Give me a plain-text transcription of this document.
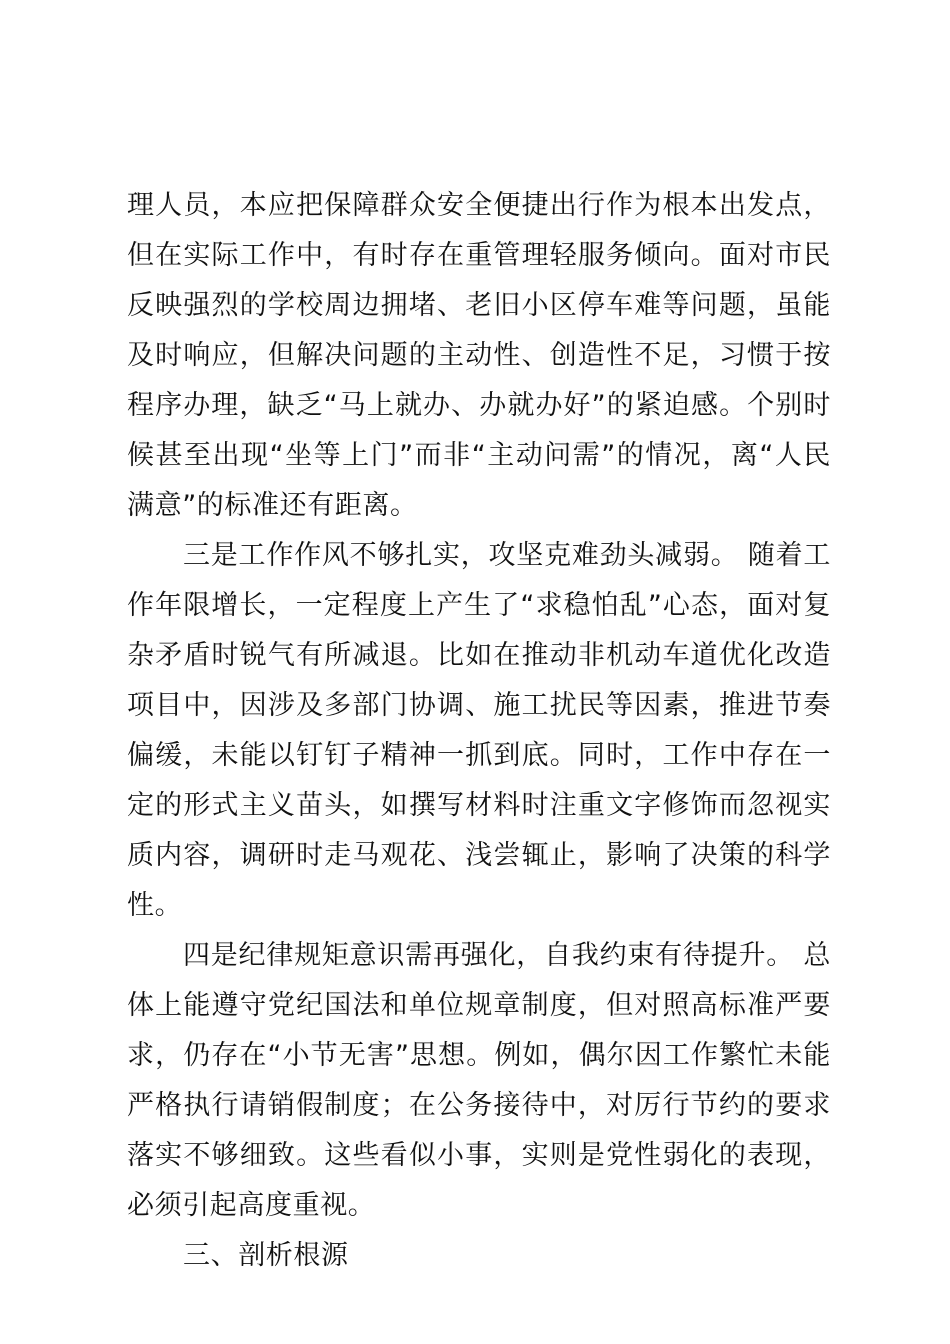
理人员，本应把保障群众安全便捷出行作为根本出发点，但在实际工作中，有时存在重管理轻服务倾向。面对市民反映强烈的学校周边拥堵、老旧小区停车难等问题，虽能及时响应，但解决问题的主动性、创造性不足，习惯于按程序办理，缺乏“马上就办、办就办好”的紧迫感。个别时候甚至出现“坐等上门”而非“主动问需”的情况，离“人民满意”的标准还有距离。

三是工作作风不够扎实，攻坚克难劲头减弱。 随着工作年限增长，一定程度上产生了“求稳怕乱”心态，面对复杂矛盾时锐气有所减退。比如在推动非机动车道优化改造项目中，因涉及多部门协调、施工扰民等因素，推进节奏偏缓，未能以钉钉子精神一抓到底。同时，工作中存在一定的形式主义苗头，如撰写材料时注重文字修饰而忽视实质内容，调研时走马观花、浅尝辄止，影响了决策的科学性。

四是纪律规矩意识需再强化，自我约束有待提升。 总体上能遵守党纪国法和单位规章制度，但对照高标准严要求，仍存在“小节无害”思想。例如，偶尔因工作繁忙未能严格执行请销假制度；在公务接待中，对厉行节约的要求落实不够细致。这些看似小事，实则是党性弱化的表现，必须引起高度重视。

三、剖析根源
